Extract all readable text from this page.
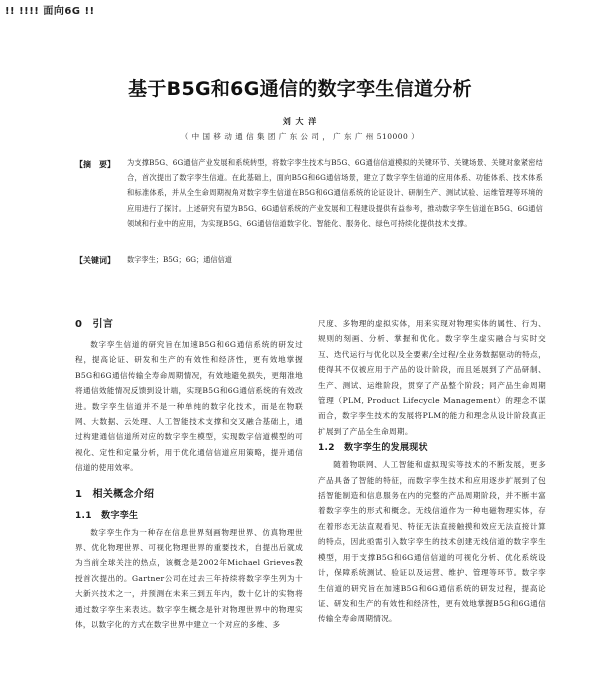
!! !!!! 面向6G !!
基于B5G和6G通信的数字孪生信道分析
刘 大 洋
（ 中 国 移 动 通 信 集 团 广 东 公 司 ， 广 东 广 州 510000 ）
【摘　要】 为支撑B5G、6G通信产业发展和系统转型，将数字孪生技术与B5G、6G通信信道模拟的关键环节、关键场景、关键对象紧密结合，首次提出了数字孪生信道。在此基础上，面向B5G和6G通信场景，建立了数字孪生信道的应用体系、功能体系、技术体系和标准体系，并从全生命周期视角对数字孪生信道在B5G和6G通信系统的论证设计、研制生产、测试试验、运维管理等环境的应用进行了探讨。上述研究有望为B5G、6G通信系统的产业发展和工程建设提供有益参考，推动数字孪生信道在B5G、6G通信领域和行业中的应用，为实现B5G、6G通信信道数字化、智能化、服务化、绿色可持续化提供技术支撑。
【关键词】 数字孪生；B5G；6G；通信信道

0　引言

数字孪生信道的研究旨在加速B5G和6G通信系统的研发过程，提高论证、研发和生产的有效性和经济性，更有效地掌握B5G和6G通信传输全寿命周期情况，有效地避免损失，更翔准地将通信效能情况反馈到设计端，实现B5G和6G通信系统的有效改进。数字孪生信道并不是一种单纯的数字化技术，而是在物联网、大数据、云处理、人工智能技术支撑和交叉融合基础上，通过构建通信信道所对应的数字孪生模型，实现数字信道模型的可视化、定性和定量分析，用于优化通信信道应用策略，提升通信信道的使用效率。

1　相关概念介绍

1.1　数字孪生

数字孪生作为一种存在信息世界刻画物理世界、仿真物理世界、优化物理世界、可视化物理世界的重要技术，自提出后就成为当前全球关注的热点，该概念是2002年Michael Grieves教授首次提出的。Gartner公司在过去三年持续将数字孪生列为十大新兴技术之一，并预测在未来三到五年内，数十亿计的实物将通过数字孪生来表达。数字孪生概念是针对物理世界中的物理实体，以数字化的方式在数字世界中建立一个对应的多维、多

尺度、多物理的虚拟实体，用来实现对物理实体的属性、行为、规则的刻画、分析、掌握和优化。数字孪生虚实融合与实时交互、迭代运行与优化以及全要素/全过程/全业务数据驱动的特点，使得其不仅被应用于产品的设计阶段，而且延展到了产品研制、生产、测试、运维阶段，贯穿了产品整个阶段；同产品生命周期管理（PLM, Product Lifecycle Management）的理念不谋而合，数字孪生技术的发展将PLM的能力和理念从设计阶段真正扩展到了产品全生命周期。

1.2　数字孪生的发展现状

随着物联网、人工智能和虚拟现实等技术的不断发展，更多产品具备了智能的特征，而数字孪生技术和应用逐步扩展到了包括智能制造和信息服务在内的完整的产品周期阶段，并不断丰富着数字孪生的形式和概念。无线信道作为一种电磁物理实体，存在着形态无法直观看见、特征无法直接触摸和效应无法直接计算的特点，因此亟需引入数字孪生的技术创建无线信道的数字孪生模型，用于支撑B5G和6G通信信道的可视化分析、优化系统设计，保障系统测试、验证以及运营、维护、管理等环节。数字孪生信道的研究旨在加速B5G和6G通信系统的研发过程，提高论证、研发和生产的有效性和经济性，更有效地掌握B5G和6G通信传输全寿命周期情况。
